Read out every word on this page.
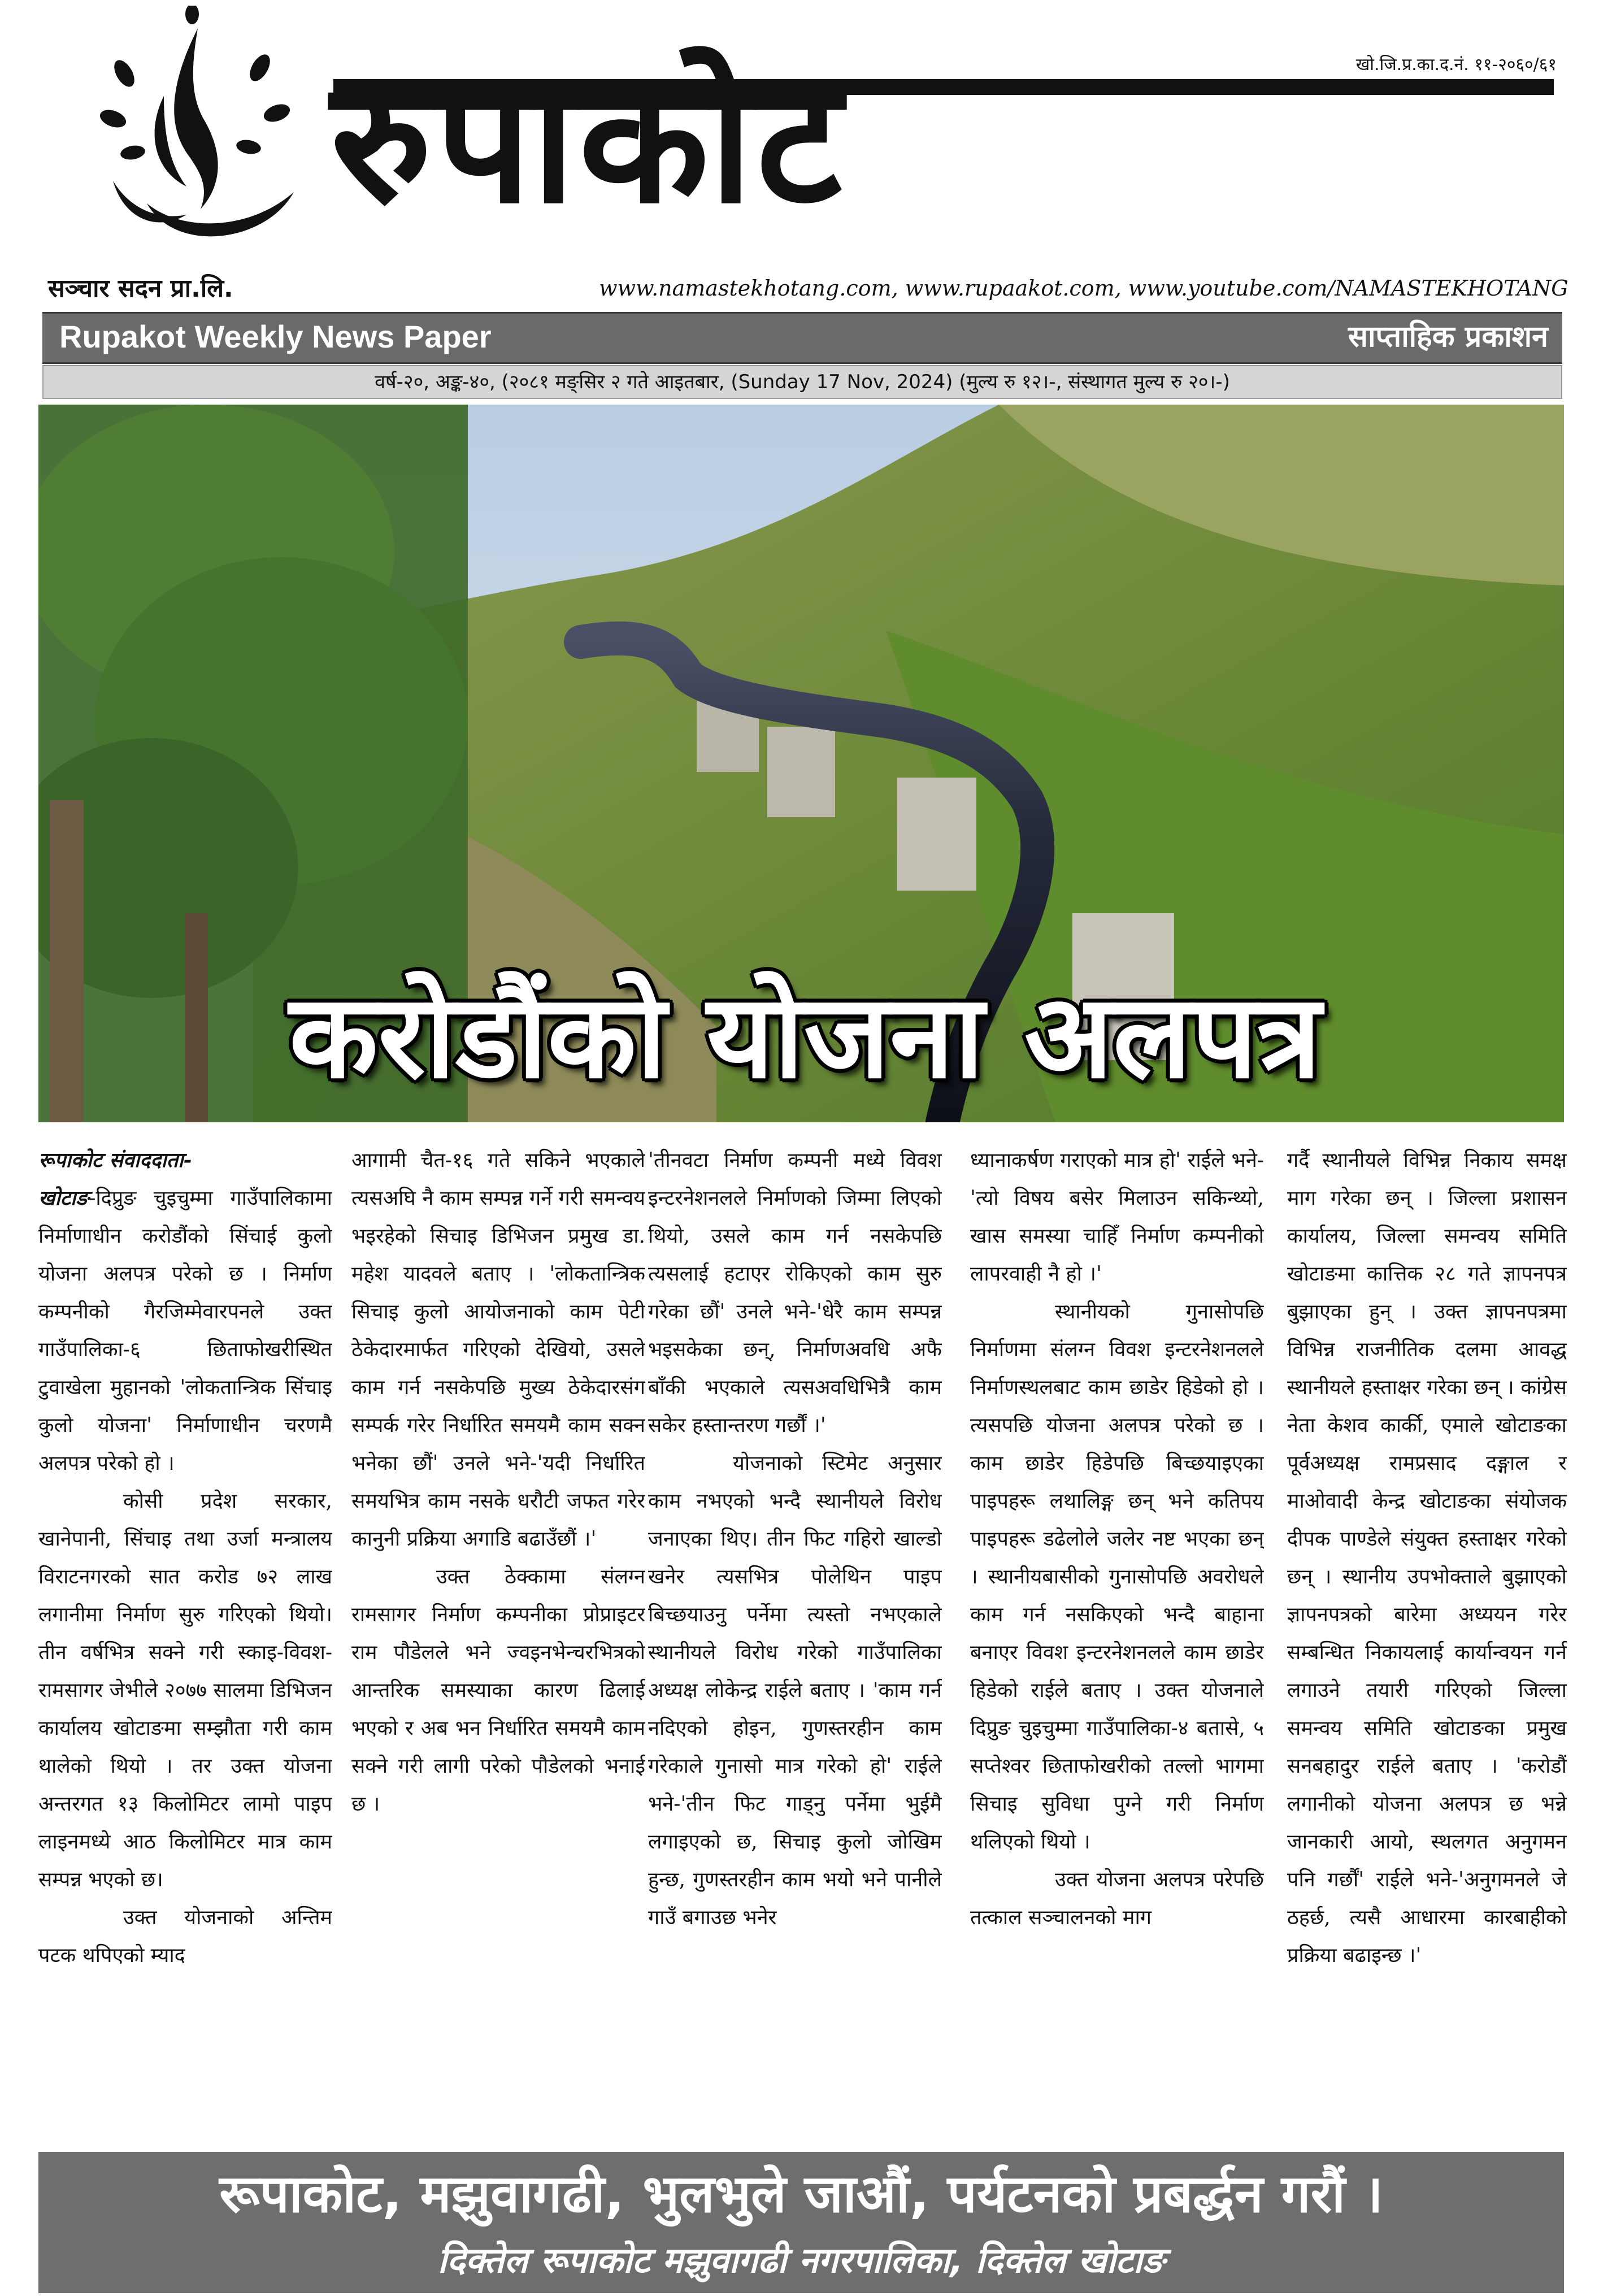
रुपाकोट	खो.जि.प्र.का.द.नं. ११-२०६०/६१
सञ्चार सदन प्रा.लि.	www.namastekhotang.com, www.rupaakot.com, www.youtube.com/NAMASTEKHOTANG
Rupakot Weekly News Paper	साप्ताहिक प्रकाशन
वर्ष-२०, अङ्क-४०, (२०८१ मङ्सिर २ गते आइतबार, (Sunday 17 Nov, 2024) (मुल्य रु १२।-, संस्थागत मुल्य रु २०।-)
करोडौंको योजना अलपत्र

रूपाकोट संवाददाता-
खोटाङ-दिप्रुङ चुइचुम्मा गाउँपालिकामा निर्माणाधीन करोडौंको सिंचाई कुलो योजना अलपत्र परेको छ । निर्माण कम्पनीको गैरजिम्मेवारपनले उक्त गाउँपालिका-६ छिताफोखरीस्थित टुवाखेला मुहानको 'लोकतान्त्रिक सिंचाइ कुलो योजना' निर्माणाधीन चरणमै अलपत्र परेको हो ।

कोसी प्रदेश सरकार, खानेपानी, सिंचाइ तथा उर्जा मन्त्रालय विराटनगरको सात करोड ७२ लाख लगानीमा निर्माण सुरु गरिएको थियो। तीन वर्षभित्र सक्ने गरी स्काइ-विवश-रामसागर जेभीले २०७७ सालमा डिभिजन कार्यालय खोटाङमा सम्झौता गरी काम थालेको थियो । तर उक्त योजना अन्तरगत १३ किलोमिटर लामो पाइप लाइनमध्ये आठ किलोमिटर मात्र काम सम्पन्न भएको छ।

उक्त योजनाको अन्तिम पटक थपिएको म्याद

आगामी चैत-१६ गते सकिने भएकाले त्यसअघि नै काम सम्पन्न गर्ने गरी समन्वय भइरहेको सिचाइ डिभिजन प्रमुख डा. महेश यादवले बताए । 'लोकतान्त्रिक सिचाइ कुलो आयोजनाको काम पेटी ठेकेदारमार्फत गरिएको देखियो, उसले काम गर्न नसकेपछि मुख्य ठेकेदारसंग सम्पर्क गरेर निर्धारित समयमै काम सक्न भनेका छौं' उनले भने-'यदी निर्धारित समयभित्र काम नसके धरौटी जफत गरेर कानुनी प्रक्रिया अगाडि बढाउँछौं ।'

उक्त ठेक्कामा संलग्न रामसागर निर्माण कम्पनीका प्रोप्राइटर राम पौडेलले भने ज्वइनभेन्चरभित्रको आन्तरिक समस्याका कारण ढिलाई भएको र अब भन निर्धारित समयमै काम सक्ने गरी लागी परेको पौडेलको भनाई छ ।

'तीनवटा निर्माण कम्पनी मध्ये विवश इन्टरनेशनलले निर्माणको जिम्मा लिएको थियो, उसले काम गर्न नसकेपछि त्यसलाई हटाएर रोकिएको काम सुरु गरेका छौं' उनले भने-'धेरै काम सम्पन्न भइसकेका छन्, निर्माणअवधि अफै बाँकी भएकाले त्यसअवधिभित्रै काम सकेर हस्तान्तरण गर्छौं ।'

योजनाको स्टिमेट अनुसार काम नभएको भन्दै स्थानीयले विरोध जनाएका थिए। तीन फिट गहिरो खाल्डो खनेर त्यसभित्र पोलेथिन पाइप बिच्छयाउनु पर्नेमा त्यस्तो नभएकाले स्थानीयले विरोध गरेको गाउँपालिका अध्यक्ष लोकेन्द्र राईले बताए । 'काम गर्न नदिएको होइन, गुणस्तरहीन काम गरेकाले गुनासो मात्र गरेको हो' राईले भने-'तीन फिट गाड्नु पर्नेमा भुईमै लगाइएको छ, सिचाइ कुलो जोखिम हुन्छ, गुणस्तरहीन काम भयो भने पानीले गाउँ बगाउछ भनेर

ध्यानाकर्षण गराएको मात्र हो' राईले भने-'त्यो विषय बसेर मिलाउन सकिन्थ्यो, खास समस्या चाहिँ निर्माण कम्पनीको लापरवाही नै हो ।'

स्थानीयको गुनासोपछि निर्माणमा संलग्न विवश इन्टरनेशनलले निर्माणस्थलबाट काम छाडेर हिडेको हो । त्यसपछि योजना अलपत्र परेको छ । काम छाडेर हिडेपछि बिच्छयाइएका पाइपहरू लथालिङ्ग छन् भने कतिपय पाइपहरू डढेलोले जलेर नष्ट भएका छन् । स्थानीयबासीको गुनासोपछि अवरोधले काम गर्न नसकिएको भन्दै बाहाना बनाएर विवश इन्टरनेशनलले काम छाडेर हिडेको राईले बताए । उक्त योजनाले दिप्रुङ चुइचुम्मा गाउँपालिका-४ बतासे, ५ सप्तेश्वर छिताफोखरीको तल्लो भागमा सिचाइ सुविधा पुग्ने गरी निर्माण थलिएको थियो ।

उक्त योजना अलपत्र परेपछि तत्काल सञ्चालनको माग

गर्दै स्थानीयले विभिन्न निकाय समक्ष माग गरेका छन् । जिल्ला प्रशासन कार्यालय, जिल्ला समन्वय समिति खोटाङमा कात्तिक २८ गते ज्ञापनपत्र बुझाएका हुन् । उक्त ज्ञापनपत्रमा विभिन्न राजनीतिक दलमा आवद्ध स्थानीयले हस्ताक्षर गरेका छन् । कांग्रेस नेता केशव कार्की, एमाले खोटाङका पूर्वअध्यक्ष रामप्रसाद दङ्गाल र माओवादी केन्द्र खोटाङका संयोजक दीपक पाण्डेले संयुक्त हस्ताक्षर गरेको छन् । स्थानीय उपभोक्ताले बुझाएको ज्ञापनपत्रको बारेमा अध्ययन गरेर सम्बन्धित निकायलाई कार्यान्वयन गर्न लगाउने तयारी गरिएको जिल्ला समन्वय समिति खोटाङका प्रमुख सनबहादुर राईले बताए । 'करोडौं लगानीको योजना अलपत्र छ भन्ने जानकारी आयो, स्थलगत अनुगमन पनि गर्छौं' राईले भने-'अनुगमनले जे ठहर्छ, त्यसै आधारमा कारबाहीको प्रक्रिया बढाइन्छ ।'

रूपाकोट, मझुवागढी, भुलभुले जाऔं, पर्यटनको प्रबर्द्धन गरौं ।
दिक्तेल रूपाकोट मझुवागढी नगरपालिका, दिक्तेल खोटाङ
